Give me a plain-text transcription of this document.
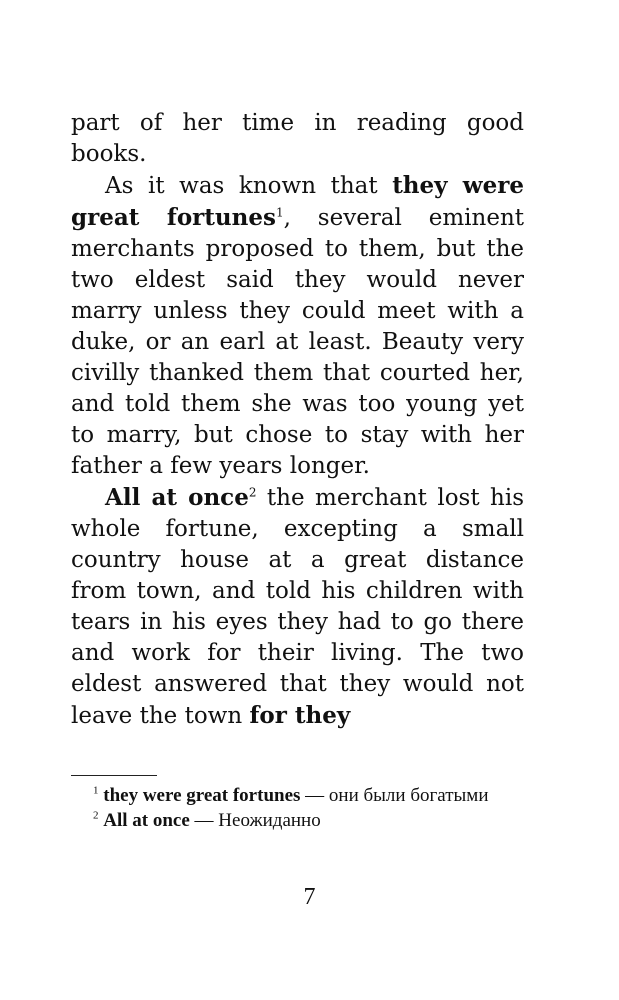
part of her time in reading good books.

As it was known that they were great fortunes$^1$, several eminent merchants proposed to them, but the two eldest said they would never marry unless they could meet with a duke, or an earl at least. Beauty very civilly thanked them that courted her, and told them she was too young yet to marry, but chose to stay with her father a few years longer.

All at once$^2$ the merchant lost his whole fortune, excepting a small country house at a great distance from town, and told his children with tears in his eyes they had to go there and work for their living. The two eldest answered that they would not leave the town for they

$^1$ they were great fortunes — они были богатыми

$^2$ All at once — Неожиданно

7
